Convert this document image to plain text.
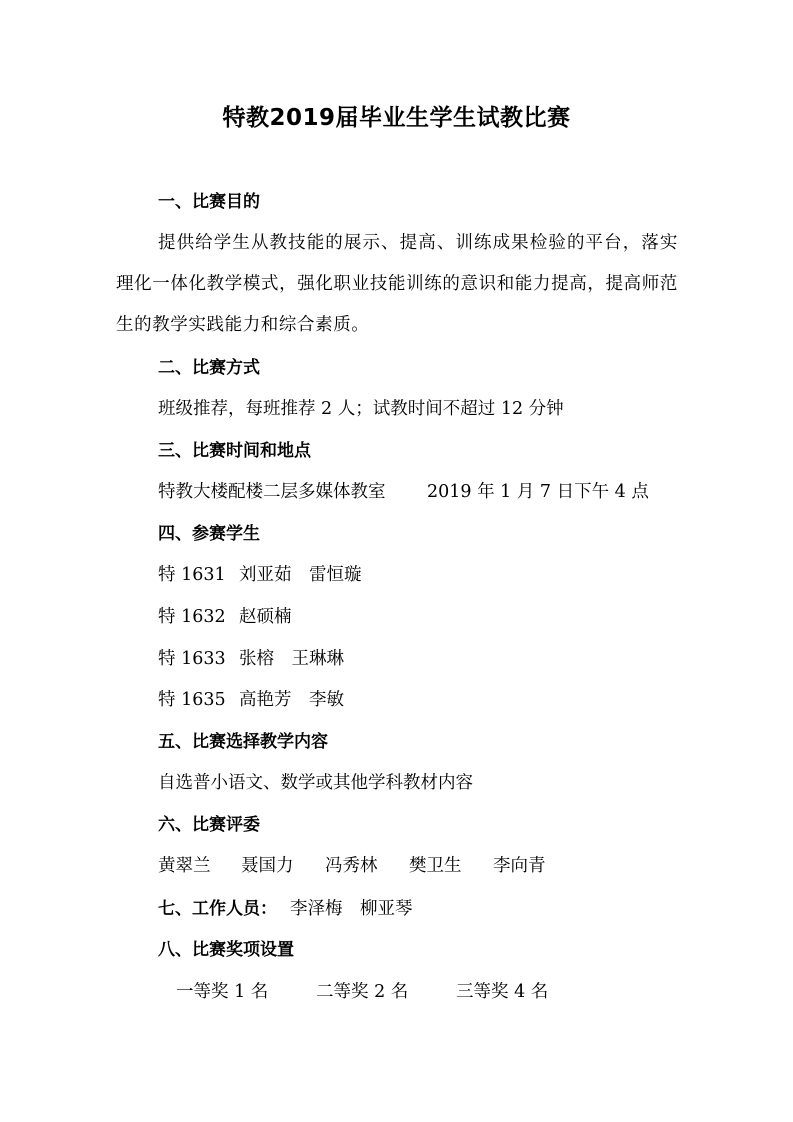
特教2019届毕业生学生试教比赛
一、比赛目的
提供给学生从教技能的展示、提高、训练成果检验的平台，落实理化一体化教学模式，强化职业技能训练的意识和能力提高，提高师范生的教学实践能力和综合素质。
二、比赛方式
班级推荐，每班推荐 2 人；试教时间不超过 12 分钟
三、比赛时间和地点
特教大楼配楼二层多媒体教室 2019 年 1 月 7 日下午 4 点
四、参赛学生
特 1631 刘亚茹　雷恒璇
特 1632 赵硕楠
特 1633 张榕　王琳琳
特 1635 高艳芳　李敏
五、比赛选择教学内容
自选普小语文、数学或其他学科教材内容
六、比赛评委
黄翠兰 聂国力 冯秀林 樊卫生 李向青
七、工作人员： 李泽梅　柳亚琴
八、比赛奖项设置
一等奖 1 名	二等奖 2 名	三等奖 4 名
